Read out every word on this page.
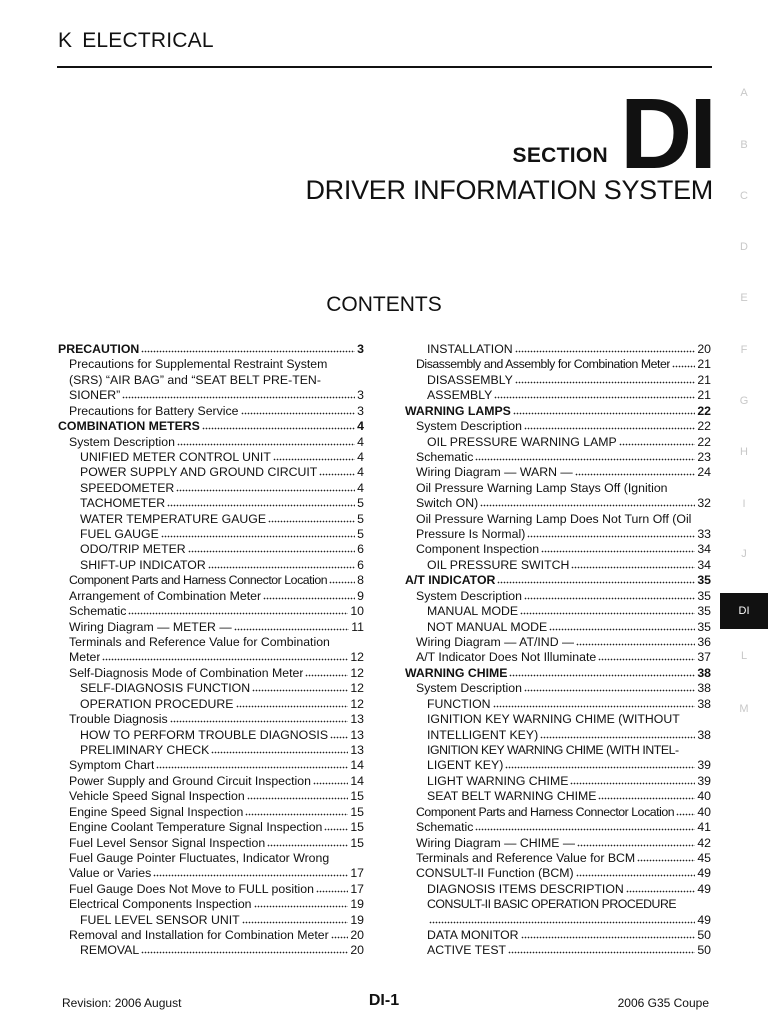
K ELECTRICAL
SECTION DI
DRIVER INFORMATION SYSTEM
CONTENTS
PRECAUTION	3
Precautions for Supplemental Restraint System
(SRS) “AIR BAG” and “SEAT BELT PRE-TEN-
SIONER”	3
Precautions for Battery Service	3
COMBINATION METERS	4
System Description	4
UNIFIED METER CONTROL UNIT	4
POWER SUPPLY AND GROUND CIRCUIT	4
SPEEDOMETER	4
TACHOMETER	5
WATER TEMPERATURE GAUGE	5
FUEL GAUGE	5
ODO/TRIP METER	6
SHIFT-UP INDICATOR	6
Component Parts and Harness Connector Location 8
Arrangement of Combination Meter	9
Schematic	10
Wiring Diagram — METER —	11
Terminals and Reference Value for Combination
Meter	12
Self-Diagnosis Mode of Combination Meter	12
SELF-DIAGNOSIS FUNCTION	12
OPERATION PROCEDURE	12
Trouble Diagnosis	13
HOW TO PERFORM TROUBLE DIAGNOSIS 13
PRELIMINARY CHECK	13
Symptom Chart	14
Power Supply and Ground Circuit Inspection	14
Vehicle Speed Signal Inspection	15
Engine Speed Signal Inspection	15
Engine Coolant Temperature Signal Inspection 15
Fuel Level Sensor Signal Inspection	15
Fuel Gauge Pointer Fluctuates, Indicator Wrong
Value or Varies	17
Fuel Gauge Does Not Move to FULL position	17
Electrical Components Inspection	19
FUEL LEVEL SENSOR UNIT	19
Removal and Installation for Combination Meter 20
REMOVAL	20
INSTALLATION	20
Disassembly and Assembly for Combination Meter 21
DISASSEMBLY	21
ASSEMBLY	21
WARNING LAMPS	22
System Description	22
OIL PRESSURE WARNING LAMP	22
Schematic	23
Wiring Diagram — WARN —	24
Oil Pressure Warning Lamp Stays Off (Ignition
Switch ON)	32
Oil Pressure Warning Lamp Does Not Turn Off (Oil
Pressure Is Normal)	33
Component Inspection	34
OIL PRESSURE SWITCH	34
A/T INDICATOR	35
System Description	35
MANUAL MODE	35
NOT MANUAL MODE	35
Wiring Diagram — AT/IND —	36
A/T Indicator Does Not Illuminate	37
WARNING CHIME	38
System Description	38
FUNCTION	38
IGNITION KEY WARNING CHIME (WITHOUT
INTELLIGENT KEY)	38
IGNITION KEY WARNING CHIME (WITH INTEL-
LIGENT KEY)	39
LIGHT WARNING CHIME	39
SEAT BELT WARNING CHIME	40
Component Parts and Harness Connector Location 40
Schematic	41
Wiring Diagram — CHIME —	42
Terminals and Reference Value for BCM	45
CONSULT-II Function (BCM)	49
DIAGNOSIS ITEMS DESCRIPTION	49
CONSULT-II BASIC OPERATION PROCEDURE
49
DATA MONITOR	50
ACTIVE TEST	50
A
B
C
D
E
F
G
H
I
J
DI
L
M
Revision: 2006 August	DI-1	2006 G35 Coupe
